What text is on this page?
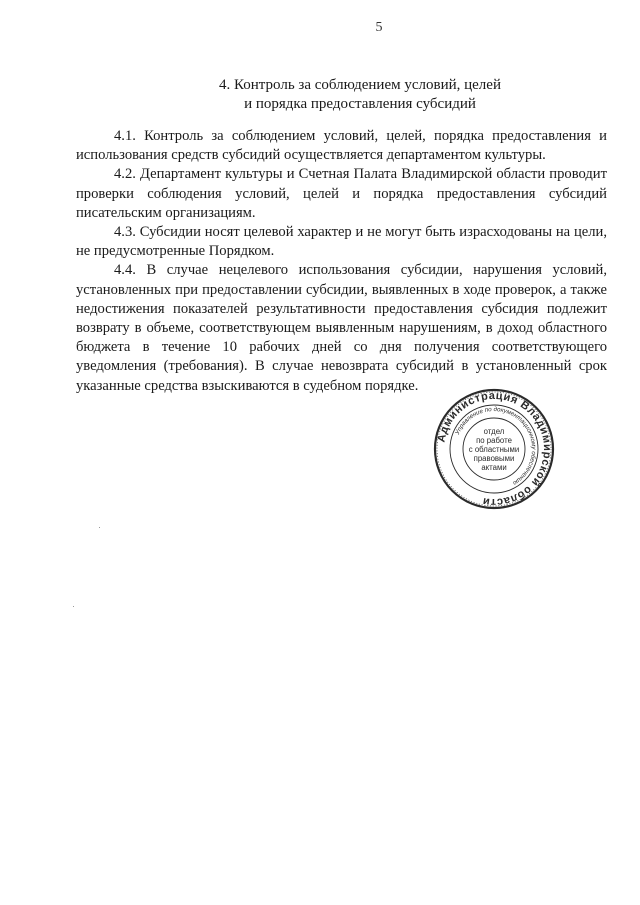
5
4. Контроль за соблюдением условий, целей
и порядка предоставления субсидий

4.1. Контроль за соблюдением условий, целей, порядка предоставления и использования средств субсидий осуществляется департаментом культуры.

4.2. Департамент культуры и Счетная Палата Владимирской области проводит проверки соблюдения условий, целей и порядка предоставления субсидий писательским организациям.

4.3. Субсидии носят целевой характер и не могут быть израсходованы на цели, не предусмотренные Порядком.

4.4. В случае нецелевого использования субсидии, нарушения условий, установленных при предоставлении субсидии, выявленных в ходе проверок, а также недостижения показателей результативности предоставления субсидия подлежит возврату в объеме, соответствующем выявленным нарушениям, в доход областного бюджета в течение 10 рабочих дней со дня получения соответствующего уведомления (требования). В случае невозврата субсидий в установленный срок указанные средства взыскиваются в судебном порядке.

Администрация Владимирской области
Управление по документационному обеспечению
отдел
по работе
с областными
правовыми
актами
